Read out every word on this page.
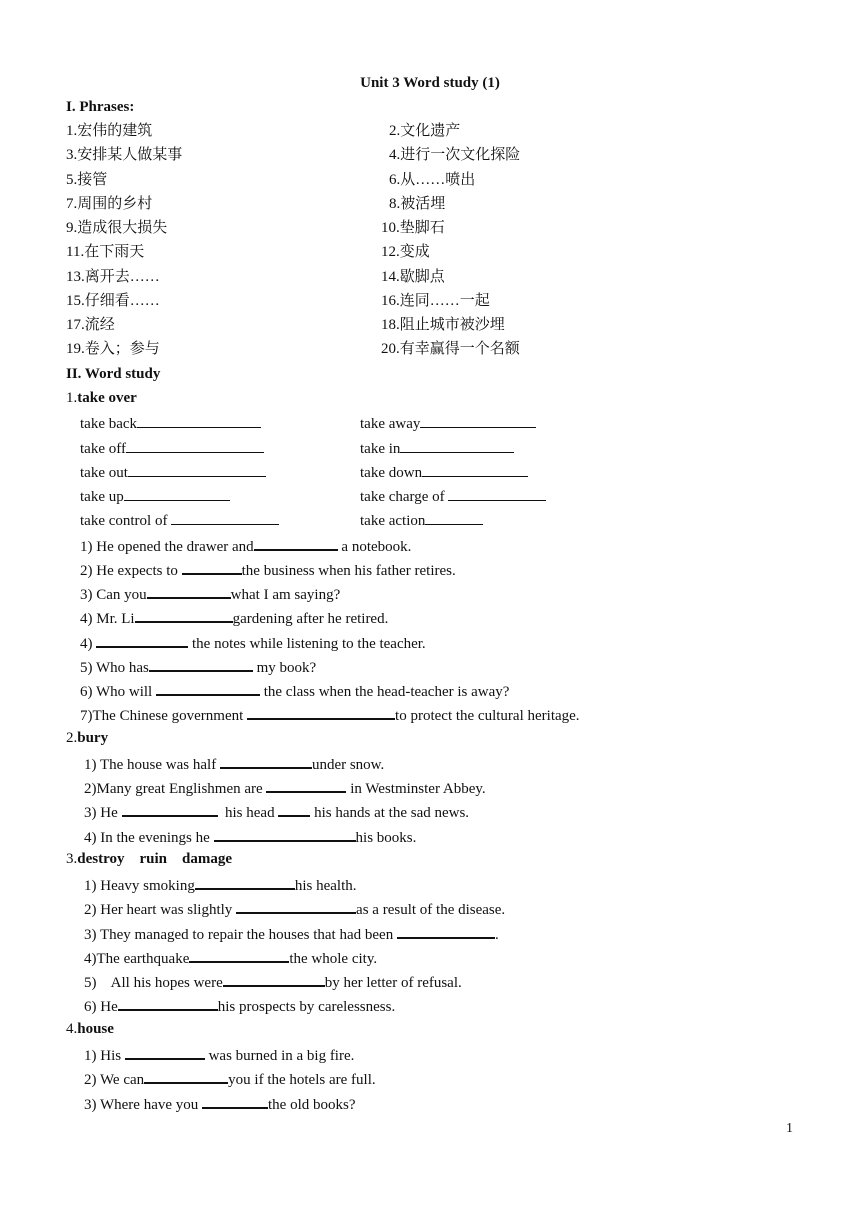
Unit 3 Word study (1)
I. Phrases:
1.宏伟的建筑	2.文化遗产
3.安排某人做某事	4.进行一次文化探险
5.接管	6.从……喷出
7.周围的乡村	8.被活埋
9.造成很大损失	10.垫脚石
11.在下雨天	12.变成
13.离开去……	14.歇脚点
15.仔细看……	16.连同……一起
17.流经	18.阻止城市被沙埋
19.卷入；参与	20.有幸赢得一个名额
II. Word study
1.take over
take back	take away
take off	take in
take out	take down
take up	take charge of
take control of	take action
1) He opened the drawer and	a notebook.
2) He expects to	the business when his father retires.
3) Can you	what I am saying?
4) Mr. Li	gardening after he retired.
4)	the notes while listening to the teacher.
5) Who has	my book?
6) Who will	the class when the head-teacher is away?
7)The Chinese government	to protect the cultural heritage.
2.bury
1) The house was half	under snow.
2)Many great Englishmen are	in Westminster Abbey.
3) He	his head  his hands at the sad news.
4) In the evenings he	his books.
3.destroy    ruin    damage
1) Heavy smoking	his health.
2) Her heart was slightly	as a result of the disease.
3) They managed to repair the houses that had been	.
4)The earthquake	the whole city.
5)    All his hopes were	by her letter of refusal.
6) He	his prospects by carelessness.
4.house
1) His	was burned in a big fire.
2) We can	you if the hotels are full.
3) Where have you	the old books?
1
